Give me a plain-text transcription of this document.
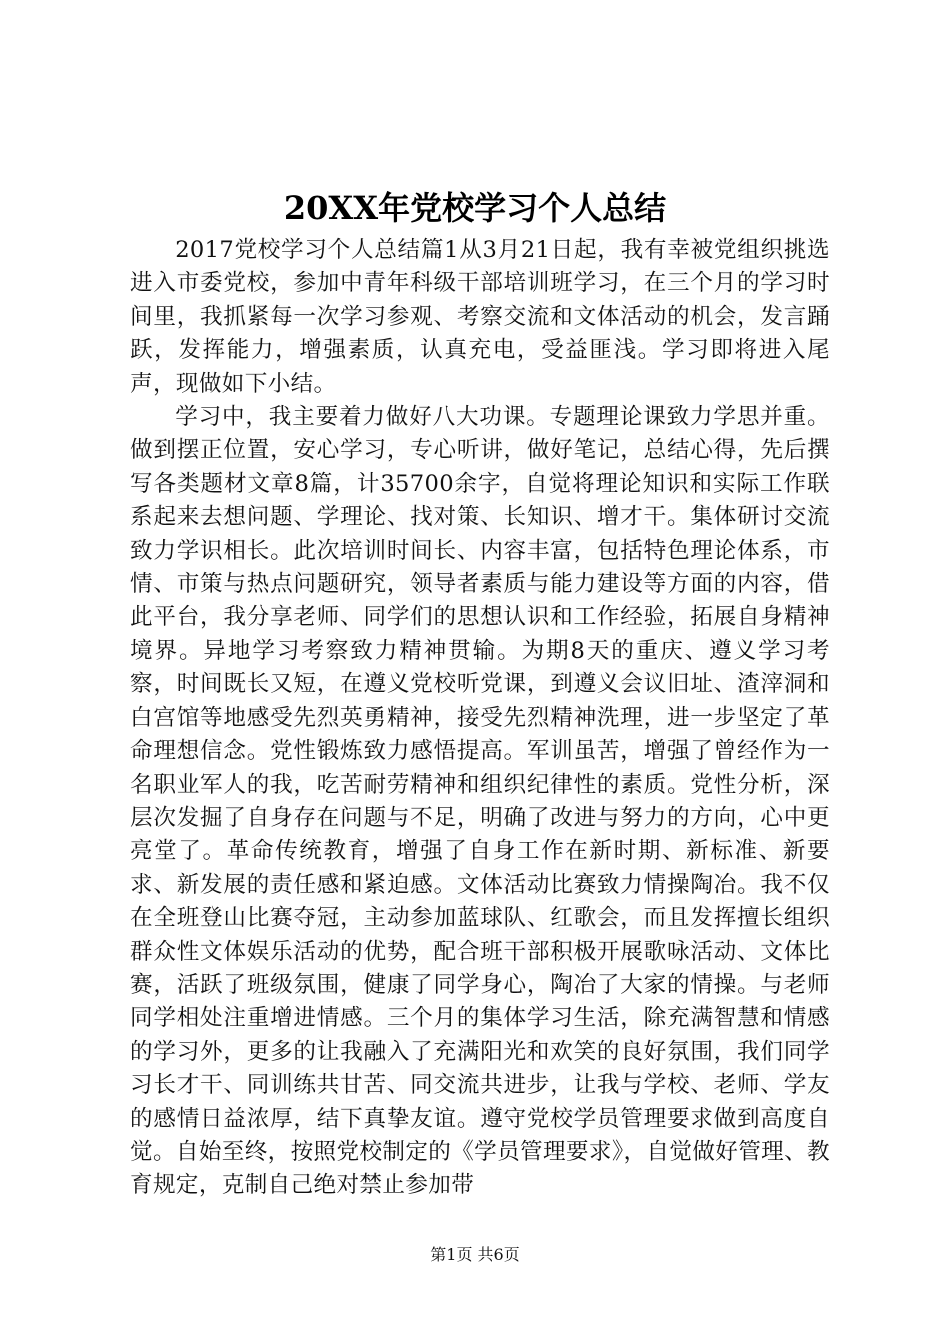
20XX年党校学习个人总结

2017党校学习个人总结篇1从3月21日起，我有幸被党组织挑选进入市委党校，参加中青年科级干部培训班学习，在三个月的学习时间里，我抓紧每一次学习参观、考察交流和文体活动的机会，发言踊跃，发挥能力，增强素质，认真充电，受益匪浅。学习即将进入尾声，现做如下小结。

学习中，我主要着力做好八大功课。专题理论课致力学思并重。做到摆正位置，安心学习，专心听讲，做好笔记，总结心得，先后撰写各类题材文章8篇，计35700余字，自觉将理论知识和实际工作联系起来去想问题、学理论、找对策、长知识、增才干。集体研讨交流致力学识相长。此次培训时间长、内容丰富，包括特色理论体系，市情、市策与热点问题研究，领导者素质与能力建设等方面的内容，借此平台，我分享老师、同学们的思想认识和工作经验，拓展自身精神境界。异地学习考察致力精神贯输。为期8天的重庆、遵义学习考察，时间既长又短，在遵义党校听党课，到遵义会议旧址、渣滓洞和白宫馆等地感受先烈英勇精神，接受先烈精神洗理，进一步坚定了革命理想信念。党性锻炼致力感悟提高。军训虽苦，增强了曾经作为一名职业军人的我，吃苦耐劳精神和组织纪律性的素质。党性分析，深层次发掘了自身存在问题与不足，明确了改进与努力的方向，心中更亮堂了。革命传统教育，增强了自身工作在新时期、新标准、新要求、新发展的责任感和紧迫感。文体活动比赛致力情操陶冶。我不仅在全班登山比赛夺冠，主动参加蓝球队、红歌会，而且发挥擅长组织群众性文体娱乐活动的优势，配合班干部积极开展歌咏活动、文体比赛，活跃了班级氛围，健康了同学身心，陶冶了大家的情操。与老师同学相处注重增进情感。三个月的集体学习生活，除充满智慧和情感的学习外，更多的让我融入了充满阳光和欢笑的良好氛围，我们同学习长才干、同训练共甘苦、同交流共进步，让我与学校、老师、学友的感情日益浓厚，结下真挚友谊。遵守党校学员管理要求做到高度自觉。自始至终，按照党校制定的《学员管理要求》，自觉做好管理、教育规定，克制自己绝对禁止参加带

第1页 共6页
